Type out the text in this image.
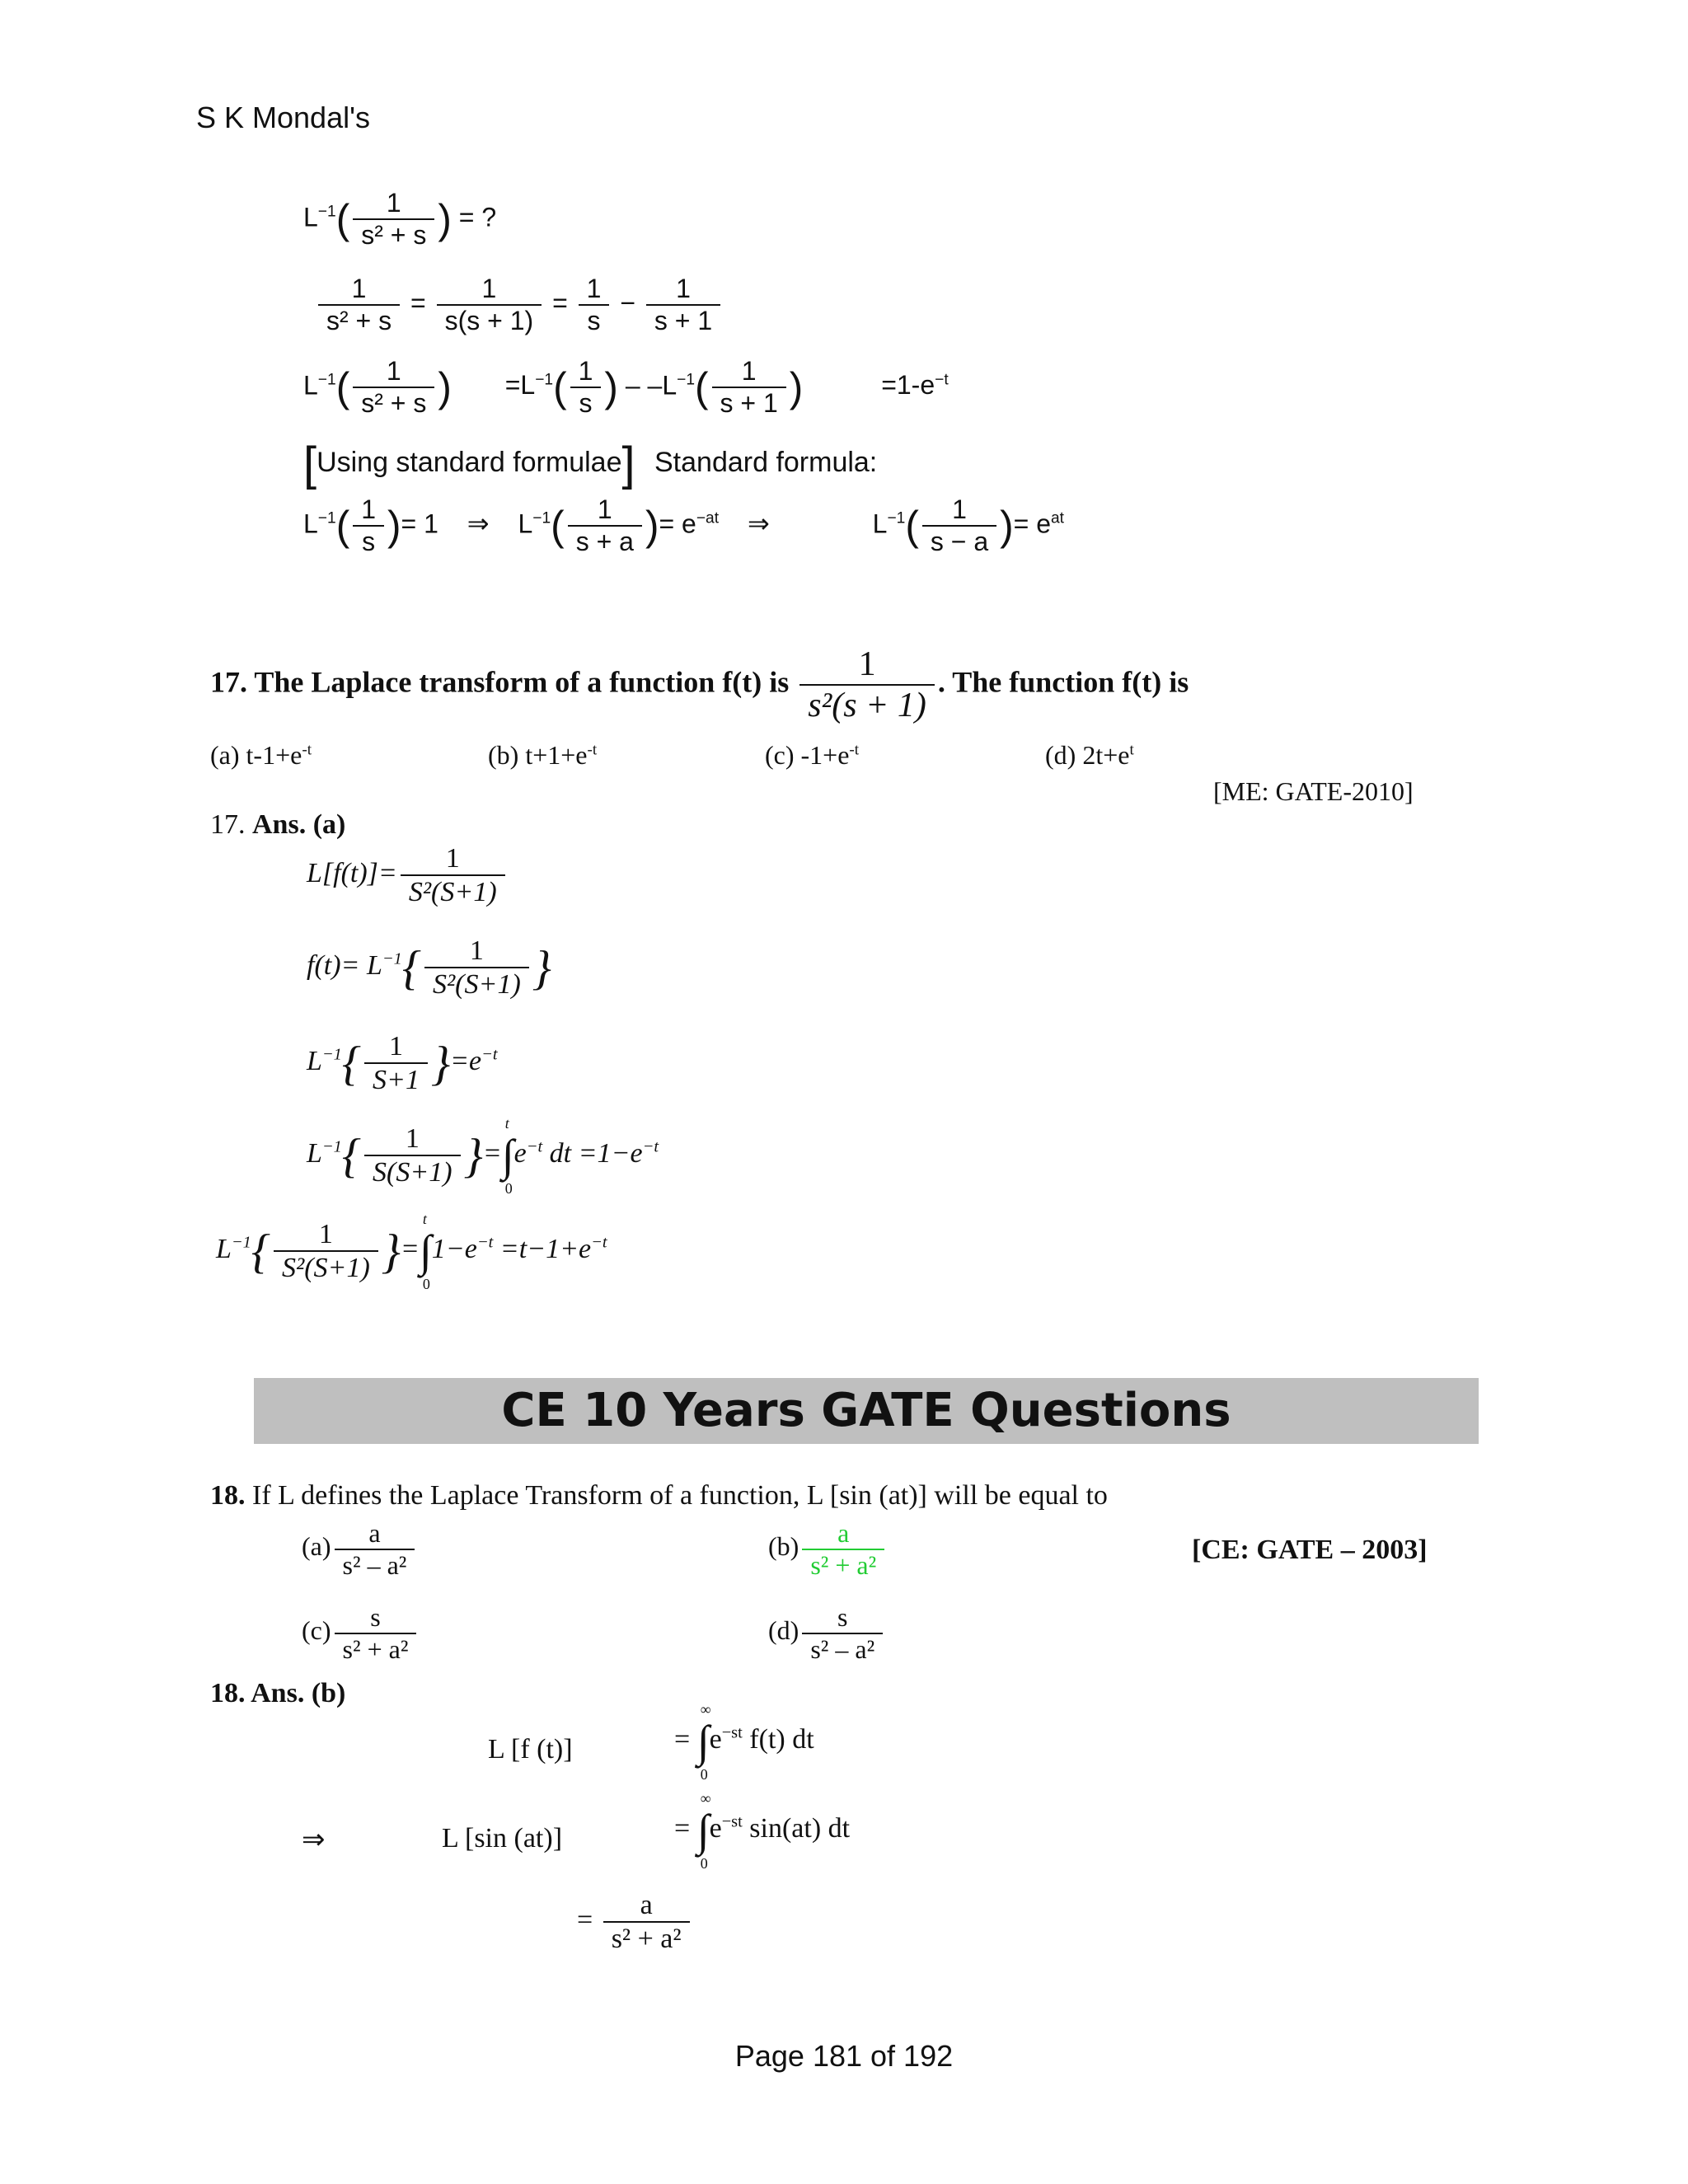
S K Mondal's
$L^{-1}( \frac{1}{\text{s² + s}}$ ) = ?
$\frac{1}{\text{s² + s}} = \frac{1}{s(s + 1)} = \frac{1}{s} - \frac{1}{s + 1}$
$L^{-1}( \frac{1}{\text{s² + s}}$ ) $=L^{-1}( \frac{1}{s}$ ) – $-L^{-1}( \frac{1}{s + 1}$ )	$=1-e^{-t}$
[Using standard formulae] Standard formula:
$L^{-1}( \frac{1}{s}$ )= 1 ⇒ $L^{-1}( \frac{1}{s + a}$ )= $e^{-at}$ ⇒	$L^{-1}( \frac{1}{s - a}$ )= $e^{at}$
17. The Laplace transform of a function f(t) is $\frac{1}{\text{s²(s + 1)}}$ . The function f(t) is
(a) $t-1+e^{-t}$	(b) $t+1+e^{-t}$	(c) $-1+e^{-t}$	(d) $2t+e^t$
[ME: GATE-2010]
17. Ans. (a)
$L[f(t)]= \frac{1}{\text{S²(S+1)}}$
$f(t)= L^{-1}\{ \frac{1}{\text{S²(S+1)}}$ }
$L^{-1}\{ \frac{1}{S+1} \}=e^{-t}$
$L^{-1}\{ \frac{1}{S(S+1)}$ }=∫
t
0
$e^{-t}$ dt $=1-e^{-t}$
$L^{-1}\{ \frac{1}{\text{S²(S+1)}}$ }=∫
t
0
$1-e^{-t} =t-1+e^{-t}$
CE 10 Years GATE Questions
18. If L defines the Laplace Transform of a function, L [sin (at)] will be equal to
$(a) \frac{a}{\text{s² – a²}}$	$(b) \frac{a}{\text{s² + a²}}$	[CE: GATE – 2003]
$(c) \frac{s}{\text{s² + a²}}$	$(d) \frac{s}{\text{s² – a²}}$
18. Ans. (b)
L [f (t)]	= ∫
∞
0
$e^{-st}$ f(t) dt
⇒	L [sin (at)]	= ∫
∞
0
$e^{-st}$ sin(at) dt
= $\frac{a}{\text{s² + a²}}$
Page 181 of 192
